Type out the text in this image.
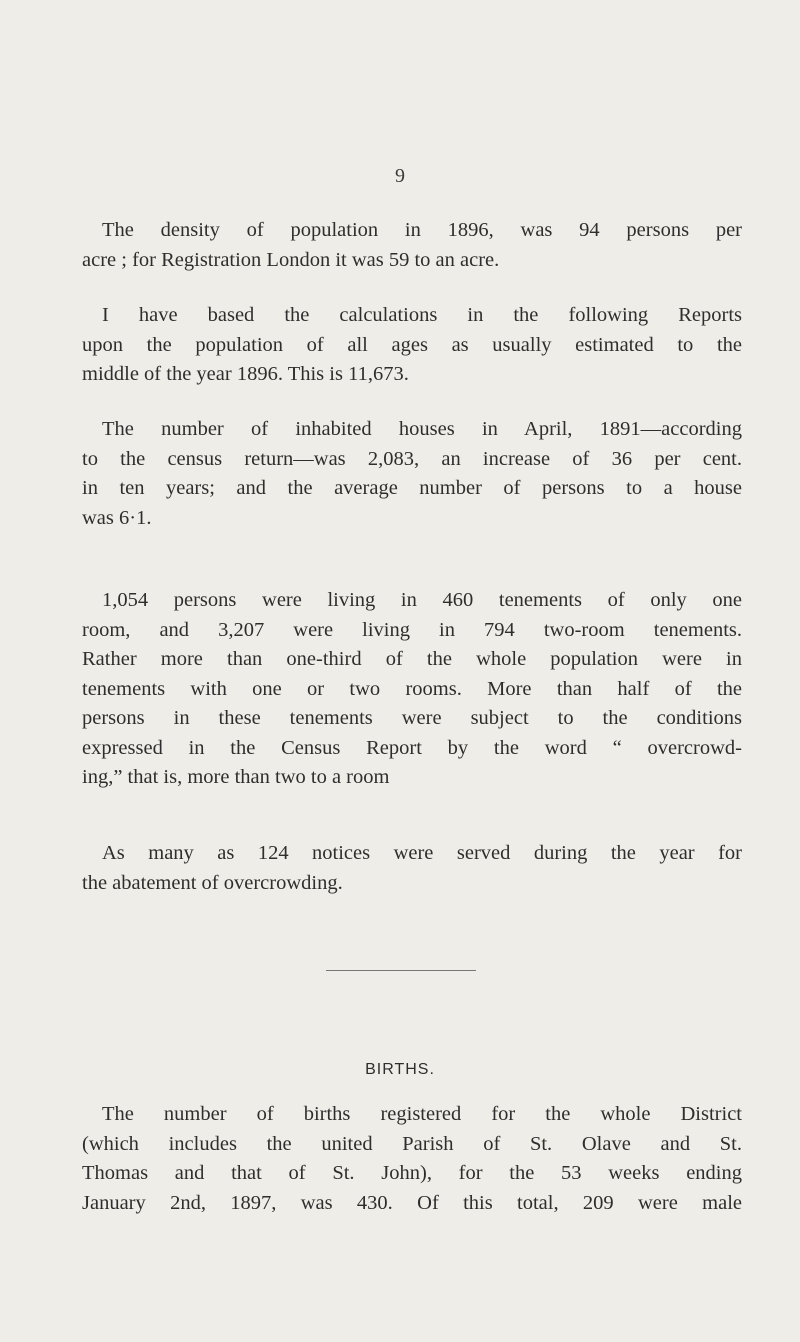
9

The density of population in 1896, was 94 persons per
acre ; for Registration London it was 59 to an acre.

I have based the calculations in the following Reports
upon the population of all ages as usually estimated to the
middle of the year 1896. This is 11,673.

The number of inhabited houses in April, 1891—according
to the census return—was 2,083, an increase of 36 per cent.
in ten years; and the average number of persons to a house
was 6·1.

1,054 persons were living in 460 tenements of only one
room, and 3,207 were living in 794 two-room tenements.
Rather more than one-third of the whole population were in
tenements with one or two rooms. More than half of the
persons in these tenements were subject to the conditions
expressed in the Census Report by the word “ overcrowd-
ing,” that is, more than two to a room

As many as 124 notices were served during the year for
the abatement of overcrowding.

BIRTHS.

The number of births registered for the whole District
(which includes the united Parish of St. Olave and St.
Thomas and that of St. John), for the 53 weeks ending
January 2nd, 1897, was 430. Of this total, 209 were male
